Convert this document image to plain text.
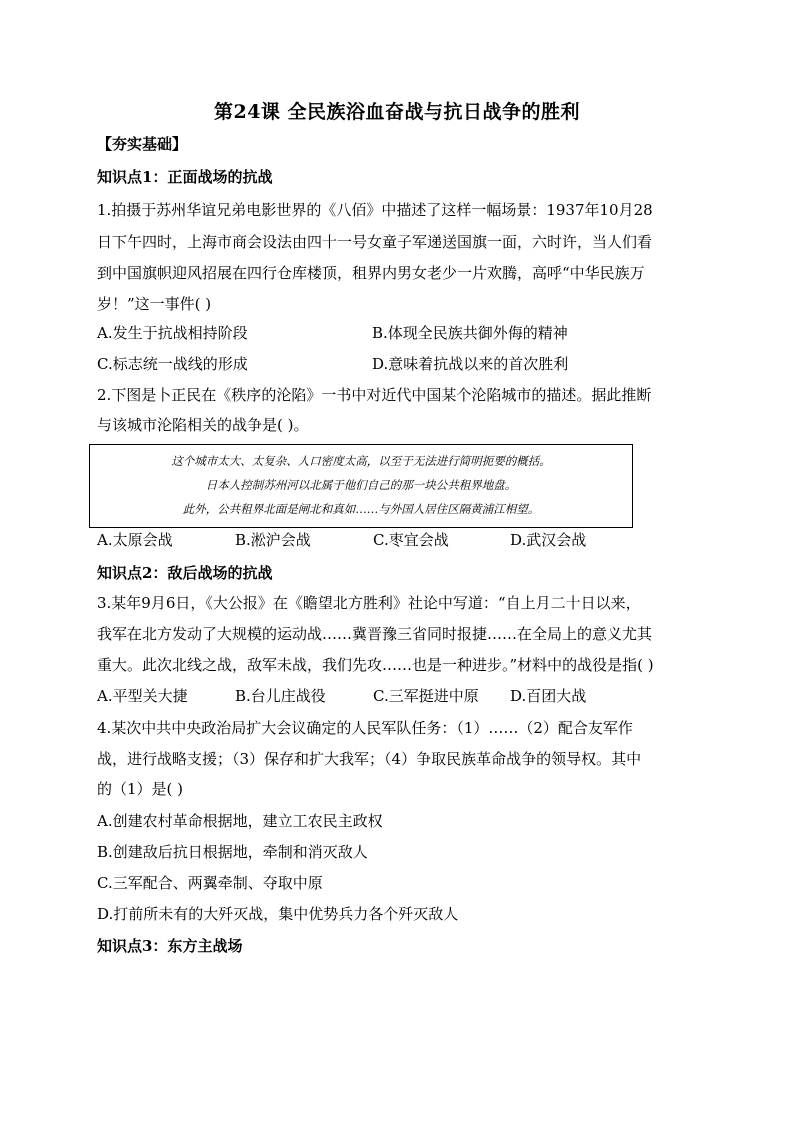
第24课 全民族浴血奋战与抗日战争的胜利
【夯实基础】
知识点1：正面战场的抗战
1.拍摄于苏州华谊兄弟电影世界的《八佰》中描述了这样一幅场景：1937年10月28
日下午四时，上海市商会设法由四十一号女童子军递送国旗一面，六时许，当人们看
到中国旗帜迎风招展在四行仓库楼顶，租界内男女老少一片欢腾，高呼“中华民族万
岁！”这一事件( )
A.发生于抗战相持阶段	B.体现全民族共御外侮的精神
C.标志统一战线的形成	D.意味着抗战以来的首次胜利
2.下图是卜正民在《秩序的沦陷》一书中对近代中国某个沦陷城市的描述。据此推断
与该城市沦陷相关的战争是( )。
这个城市太大、太复杂、人口密度太高，以至于无法进行简明扼要的概括。
日本人控制苏州河以北属于他们自己的那一块公共租界地盘。
此外，公共租界北面是闸北和真如……与外国人居住区隔黄浦江相望。
A.太原会战	B.淞沪会战	C.枣宜会战	D.武汉会战
知识点2：敌后战场的抗战
3.某年9月6日，《大公报》在《瞻望北方胜利》社论中写道：“自上月二十日以来，
我军在北方发动了大规模的运动战……冀晋豫三省同时报捷……在全局上的意义尤其
重大。此次北线之战，敌军未战，我们先攻……也是一种进步。”材料中的战役是指( )
A.平型关大捷	B.台儿庄战役	C.三军挺进中原 D.百团大战
4.某次中共中央政治局扩大会议确定的人民军队任务：（1）……（2）配合友军作
战，进行战略支援；（3）保存和扩大我军；（4）争取民族革命战争的领导权。其中
的（1）是( )
A.创建农村革命根据地，建立工农民主政权
B.创建敌后抗日根据地，牵制和消灭敌人
C.三军配合、两翼牵制、夺取中原
D.打前所未有的大歼灭战，集中优势兵力各个歼灭敌人
知识点3：东方主战场
